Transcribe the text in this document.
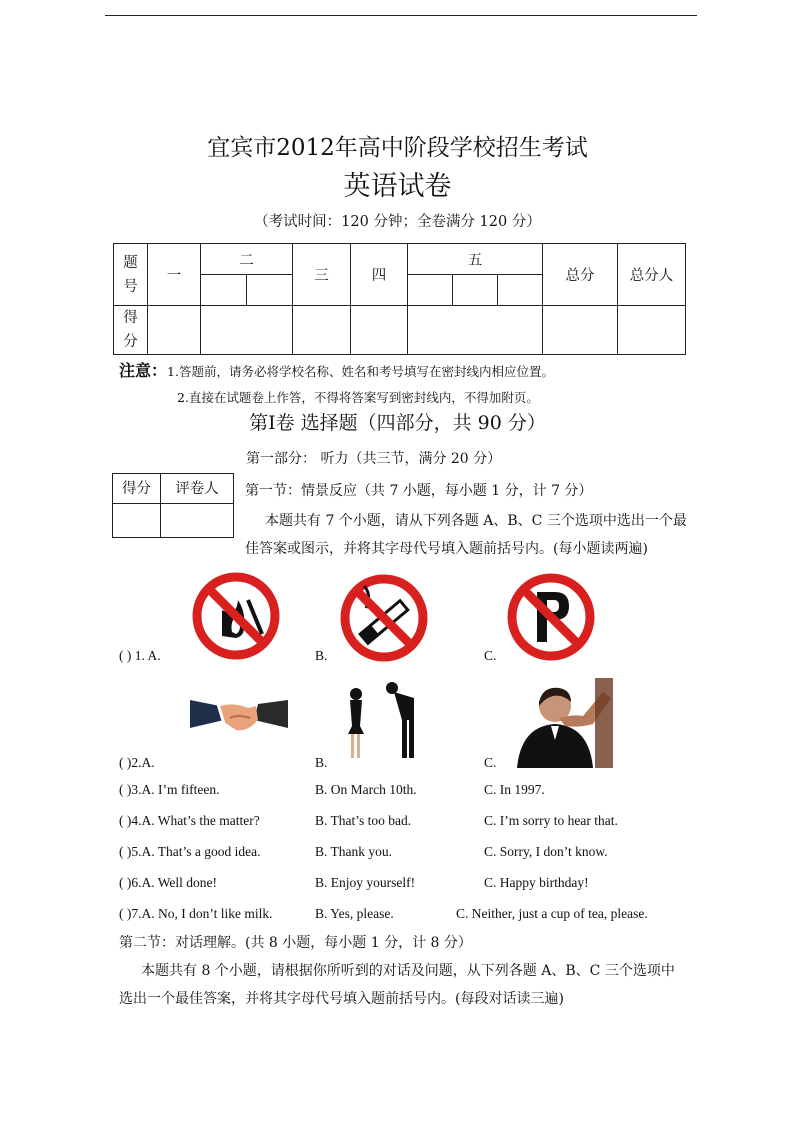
宜宾市2012年高中阶段学校招生考试
英语试卷
（考试时间：120 分钟；全卷满分 120 分）
题号	一	二		三	四	五			总分	总分人

得分										
注意：1.答题前，请务必将学校名称、姓名和考号填写在密封线内相应位置。
2.直接在试题卷上作答，不得将答案写到密封线内，不得加附页。
第Ⅰ卷 选择题（四部分，共 90 分）
第一部分： 听力（共三节，满分 20 分）
得分	评卷人
	第一节：情景反应（共 7 小题，每小题 1 分，计 7 分）
本题共有 7 个小题，请从下列各题 A、B、C 三个选项中选出一个最
佳答案或图示，并将其字母代号填入题前括号内。(每小题读两遍)
( ) 1. A.	B.	C.
( )2.A.	B.	C.
( )3.A. I’m fifteen.	B. On March 10th.	C. In 1997.
( )4.A. What’s the matter?	B. That’s too bad.	C. I’m sorry to hear that.
( )5.A. That’s a good idea.	B. Thank you.	C. Sorry, I don’t know.
( )6.A. Well done!	B. Enjoy yourself!	C. Happy birthday!
( )7.A. No, I don’t like milk.	B. Yes, please.	C. Neither, just a cup of tea, please.
第二节：对话理解。(共 8 小题，每小题 1 分，计 8 分）
本题共有 8 个小题，请根据你所听到的对话及问题，从下列各题 A、B、C 三个选项中
选出一个最佳答案，并将其字母代号填入题前括号内。(每段对话读三遍)
